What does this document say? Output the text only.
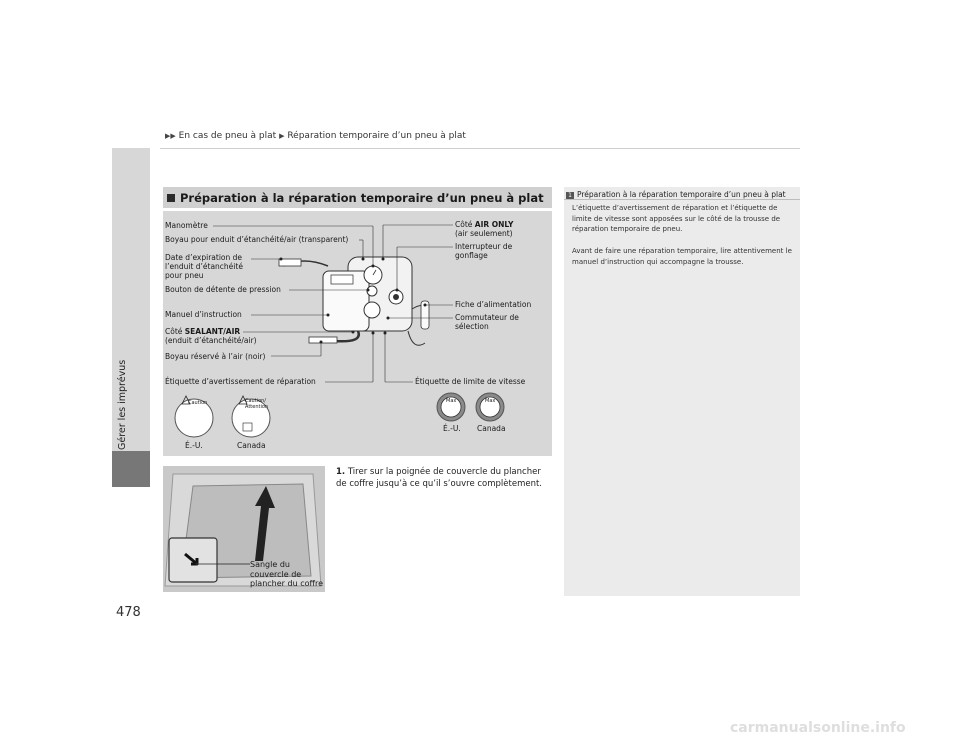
▶▶ En cas de pneu à plat ▶ Réparation temporaire d’un pneu à plat
Gérer les imprévus
478
Préparation à la réparation temporaire d’un pneu à plat
Manomètre
Boyau pour enduit d’étanchéité/air (transparent)
Date d’expiration de
l’enduit d’étanchéité
pour pneu
Bouton de détente de pression
Manuel d’instruction
Côté SEALANT/AIR
(enduit d’étanchéité/air)
Boyau réservé à l’air (noir)
Étiquette d’avertissement de réparation
Côté AIR ONLY
(air seulement)
Interrupteur de
gonflage
Fiche d’alimentation
Commutateur de
sélection
Étiquette de limite de vitesse
Caution	Caution/
Attention
Max	Max
É.-U.	Canada
É.-U. Canada
1. Tirer sur la poignée de couvercle du plancher de coffre jusqu’à ce qu’il s’ouvre complètement.
Sangle du
couvercle de
plancher du coffre
1 Préparation à la réparation temporaire d’un pneu à plat
L’étiquette d’avertissement de réparation et l’étiquette de limite de vitesse sont apposées sur le côté de la trousse de réparation temporaire de pneu.
Avant de faire une réparation temporaire, lire attentivement le manuel d’instruction qui accompagne la trousse.
carmanualsonline.info
